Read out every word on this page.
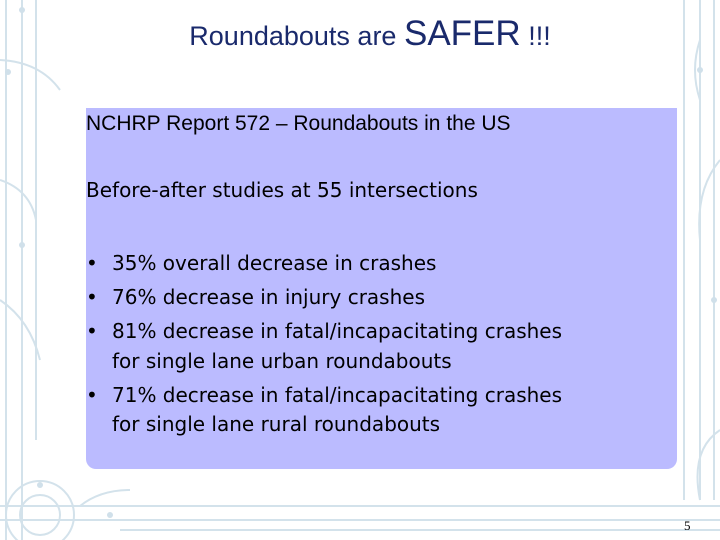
Roundabouts are SAFER !!!
NCHRP Report 572 – Roundabouts in the US
Before-after studies at 55 intersections
• 35% overall decrease in crashes
• 76% decrease in injury crashes
• 81% decrease in fatal/incapacitating crashes
for single lane urban roundabouts
• 71% decrease in fatal/incapacitating crashes
for single lane rural roundabouts
5
